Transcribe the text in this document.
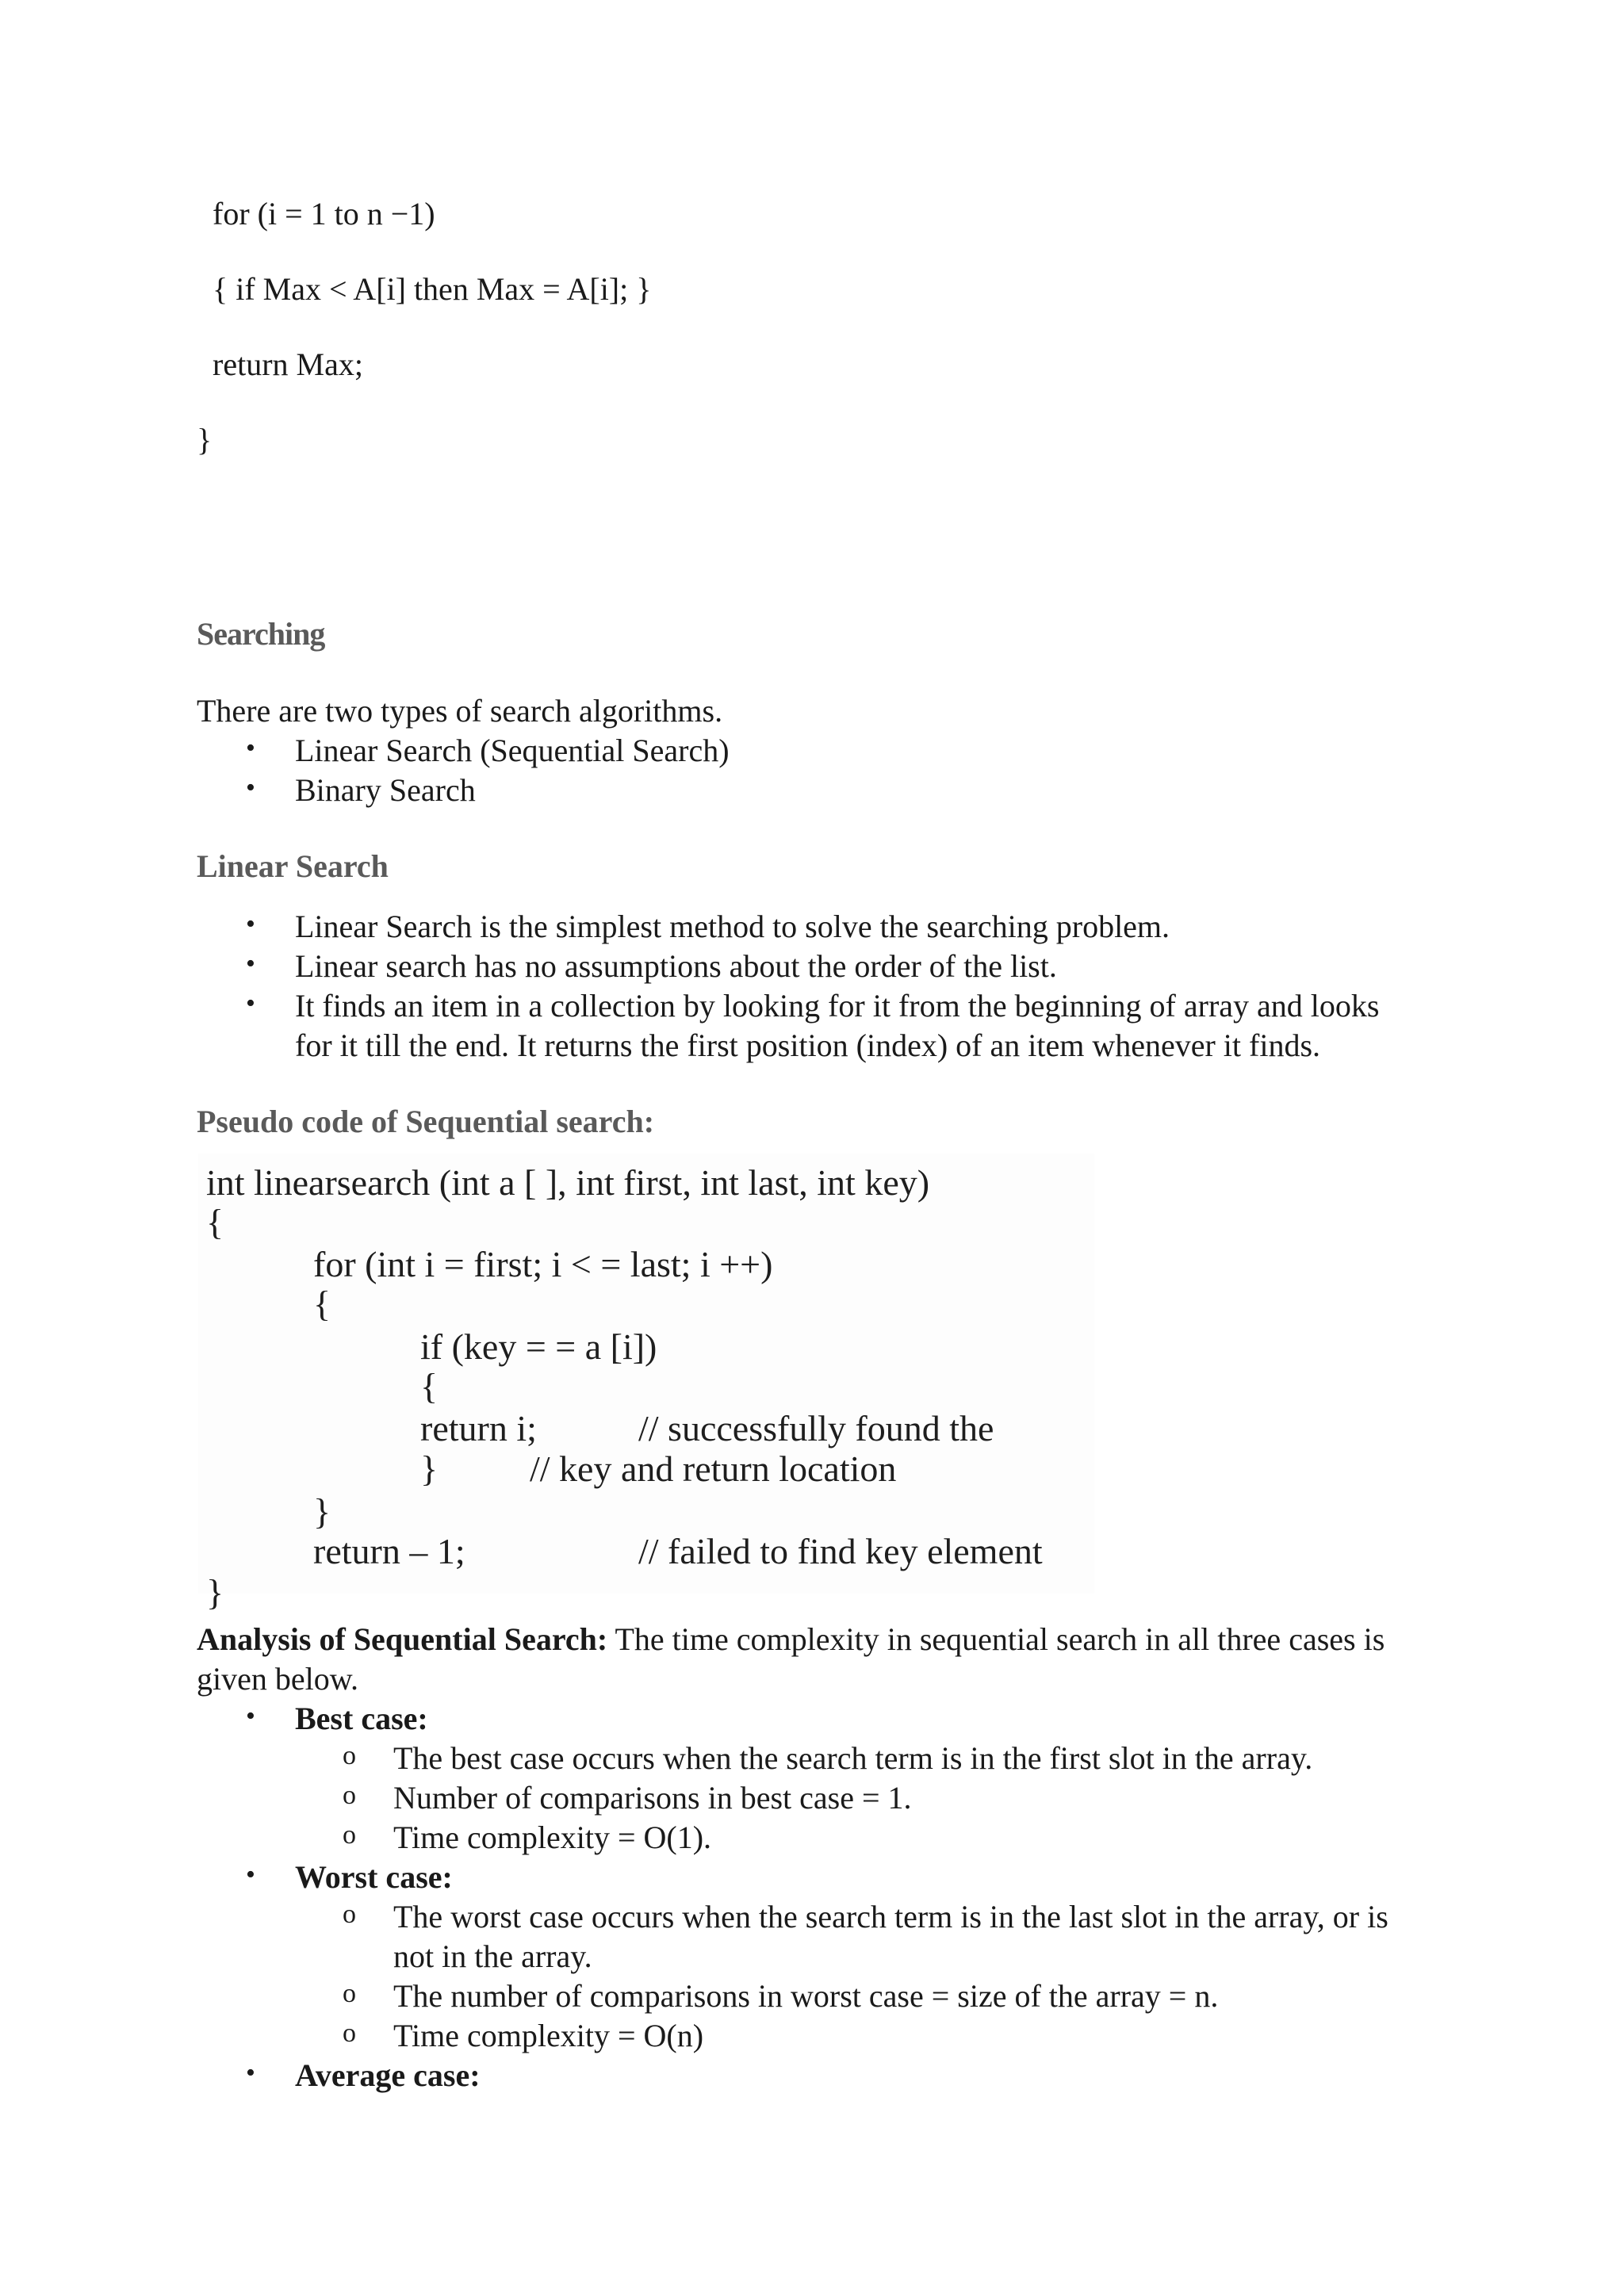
for (i = 1 to n −1)
{ if Max < A[i] then Max = A[i]; }
return Max;
}
Searching
There are two types of search algorithms.
• Linear Search (Sequential Search)
• Binary Search
Linear Search
• Linear Search is the simplest method to solve the searching problem.
• Linear search has no assumptions about the order of the list.
• It finds an item in a collection by looking for it from the beginning of array and looks
for it till the end. It returns the first position (index) of an item whenever it finds.
Pseudo code of Sequential search:
int linearsearch (int a [ ], int first, int last, int key)
{
for (int i = first; i < = last; i ++)
{
if (key = = a [i])
{
return i;	// successfully found the
}	// key and return location
}
return – 1;	// failed to find key element
}
Analysis of Sequential Search: The time complexity in sequential search in all three cases is
given below.
• Best case:
o The best case occurs when the search term is in the first slot in the array.
o Number of comparisons in best case = 1.
o Time complexity = O(1).
• Worst case:
o The worst case occurs when the search term is in the last slot in the array, or is
not in the array.
o The number of comparisons in worst case = size of the array = n.
o Time complexity = O(n)
• Average case:
